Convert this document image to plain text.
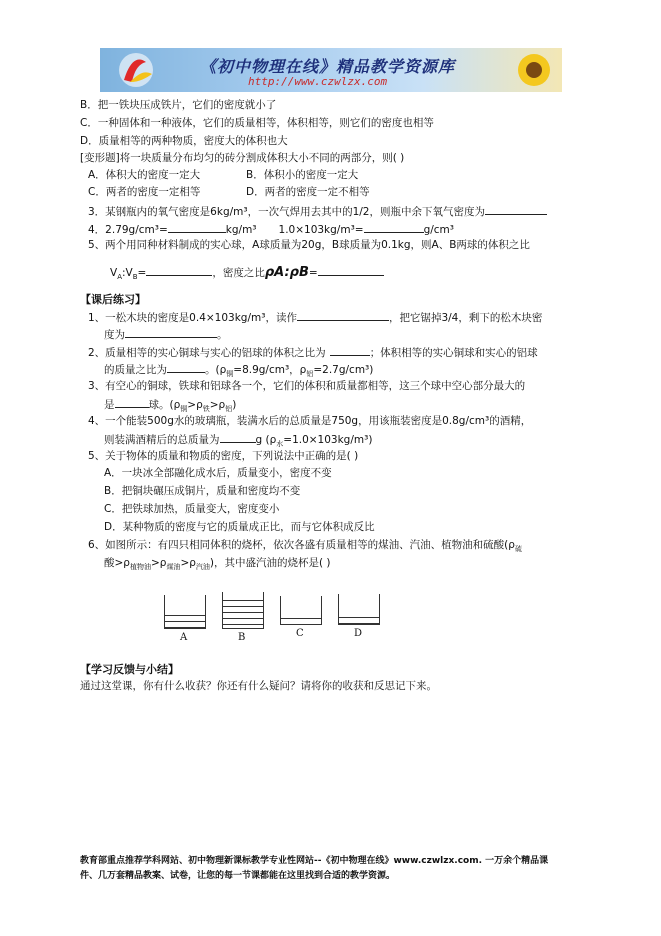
《初中物理在线》精品教学资源库
http://www.czwlzx.com
B．把一铁块压成铁片，它们的密度就小了
C．一种固体和一种液体，它们的质量相等，体积相等，则它们的密度也相等
D．质量相等的两种物质，密度大的体积也大
[变形题]将一块质量分布均匀的砖分割成体积大小不同的两部分，则( )
A．体积大的密度一定大	B．体积小的密度一定大
C．两者的密度一定相等	D．两者的密度一定不相等
3．某钢瓶内的氧气密度是6kg/m³，一次气焊用去其中的1/2，则瓶中余下氧气密度为
4．2.79g/cm³=	kg/m³ 1.0×103kg/m³=	g/cm³
5、两个用同种材料制成的实心球，A球质量为20g，B球质量为0.1kg，则A、B两球的体积之比
$V_A:V_B=$	，密度之比ρA:ρB=
【课后练习】
1、一松木块的密度是0.4×103kg/m³，读作	，把它锯掉3/4，剩下的松木块密
度为	。
2、质量相等的实心铜球与实心的铝球的体积之比为	；体积相等的实心铜球和实心的铝球
的质量之比为	。($\rho_铜=8.9g$/cm³，$\rho_铝=2.7g/cm^3$)
3、有空心的铜球，铁球和铝球各一个，它们的体积和质量都相等，这三个球中空心部分最大的
是	球。$(\rho_铜>\rho_铁>\rho_铝)$
4、一个能装500g水的玻璃瓶，装满水后的总质量是750g，用该瓶装密度是0.8g/cm³的酒精，
则装满酒精后的总质量为	g $(\rho_水=1.0\times 103kg/m^3)$
5、关于物体的质量和物质的密度，下列说法中正确的是( )
A．一块冰全部融化成水后，质量变小，密度不变
B．把铜块碾压成铜片，质量和密度均不变
C．把铁球加热，质量变大，密度变小
D．某种物质的密度与它的质量成正比，而与它体积成反比
6、如图所示：有四只相同体积的烧杯，依次各盛有质量相等的煤油、汽油、植物油和硫酸($\rho_硫$
酸$>\rho_{植物油}>\rho_{煤油}>\rho_{汽油}$)，其中盛汽油的烧杯是( )
A	B	C	D
【学习反馈与小结】
通过这堂课，你有什么收获？你还有什么疑问？请将你的收获和反思记下来。
教育部重点推荐学科网站、初中物理新课标教学专业性网站--《初中物理在线》www.czwlzx.com. 一万余个精品课
件、几万套精品教案、试卷，让您的每一节课都能在这里找到合适的教学资源。
